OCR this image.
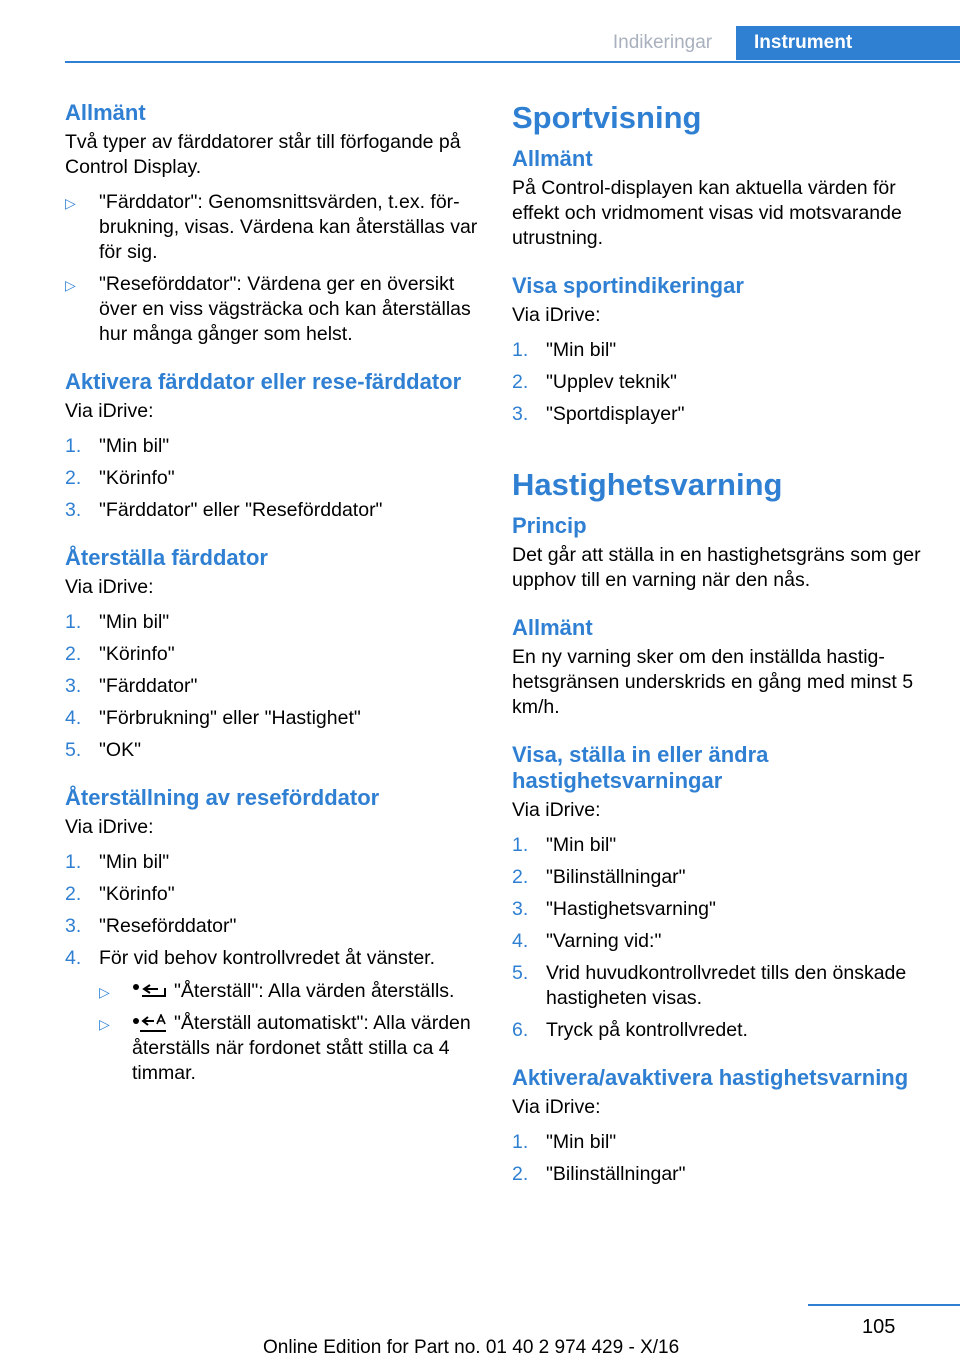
Indikeringar	Instrument
Allmänt

Två typer av färddatorer står till förfogande på Control Display.

▷ "Färddator": Genomsnittsvärden, t.ex. för-brukning, visas. Värdena kan återställas var för sig.
▷ "Reseförddator": Värdena ger en översikt över en viss vägsträcka och kan återställas hur många gånger som helst.
Aktivera färddator eller rese-färddator

Via iDrive:

1. "Min bil"
2. "Körinfo"
3. "Färddator" eller "Reseförddator"
Återställa färddator

Via iDrive:

1. "Min bil"
2. "Körinfo"
3. "Färddator"
4. "Förbrukning" eller "Hastighet"
5. "OK"
Återställning av reseförddator

Via iDrive:

1. "Min bil"
2. "Körinfo"
3. "Reseförddator"
4. För vid behov kontrollvredet åt vänster.
▷	"Återställ": Alla värden återställs.
▷	"Återställ automatiskt": Alla värden återställs när fordonet stått stilla ca 4 timmar.
Sportvisning
Allmänt

På Control-displayen kan aktuella värden för effekt och vridmoment visas vid motsvarande utrustning.

Visa sportindikeringar

Via iDrive:

1. "Min bil"
2. "Upplev teknik"
3. "Sportdisplayer"
Hastighetsvarning
Princip

Det går att ställa in en hastighetsgräns som ger upphov till en varning när den nås.

Allmänt

En ny varning sker om den inställda hastig-hetsgränsen underskrids en gång med minst 5 km/h.

Visa, ställa in eller ändra hastighetsvarningar

Via iDrive:

1. "Min bil"
2. "Bilinställningar"
3. "Hastighetsvarning"
4. "Varning vid:"
5. Vrid huvudkontrollvredet tills den önskade hastigheten visas.
6. Tryck på kontrollvredet.
Aktivera/avaktivera hastighetsvarning

Via iDrive:

1. "Min bil"
2. "Bilinställningar"
105
Online Edition for Part no. 01 40 2 974 429 - X/16
